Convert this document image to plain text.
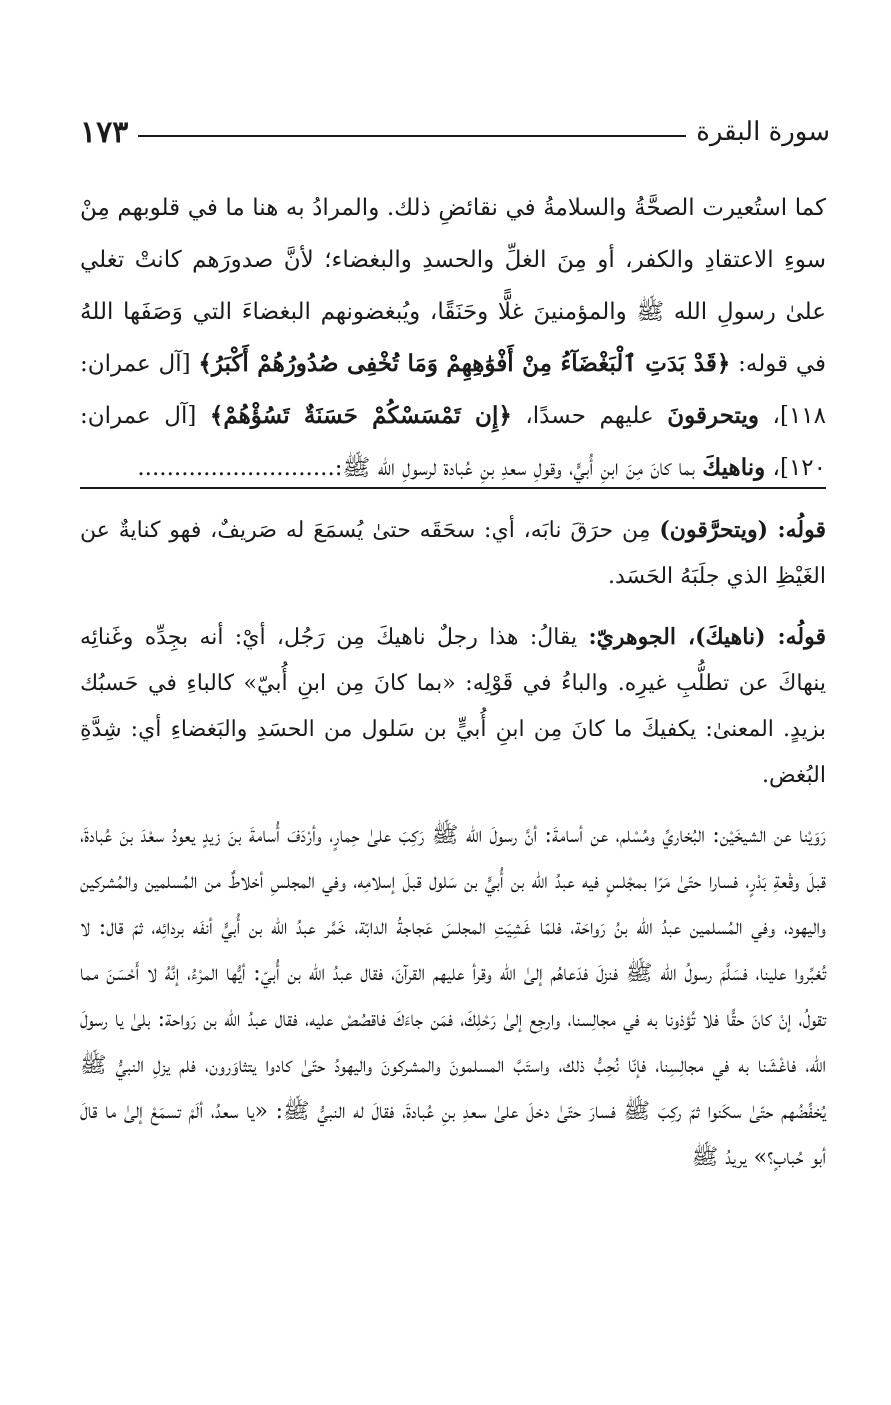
سورة البقرة
١٧٣

كما استُعيرت الصحَّةُ والسلامةُ في نقائضِ ذلك. والمرادُ به هنا ما في قلوبهم مِنْ سوءِ الاعتقادِ والكفر، أو مِنَ الغلِّ والحسدِ والبغضاء؛ لأنَّ صدورَهم كانتْ تغلي علىٰ رسولِ الله ﷺ والمؤمنينَ غلًّا وحَنَقًا، ويُبغضونهم البغضاءَ التي وَصَفَها اللهُ في قوله: ﴿قَدْ بَدَتِ ٱلْبَغْضَآءُ مِنْ أَفْوَٰهِهِمْ وَمَا تُخْفِى صُدُورُهُمْ أَكْبَرُ﴾ [آل عمران: ١١٨]، ويتحرقونَ عليهم حسدًا، ﴿إِن تَمْسَسْكُمْ حَسَنَةٌ تَسُؤْهُمْ﴾ [آل عمران: ١٢٠]، وناهيكَ بما كانَ مِنَ ابنِ أُبيٍّ، وقولِ سعدِ بنِ عُبادة لرسولِ الله ﷺ:...........................

قولُه: (ويتحرَّقون) مِن حرَقَ نابَه، أي: سحَقَه حتىٰ يُسمَعَ له صَريفٌ، فهو كنايةٌ عن الغَيْظِ الذي جلَبَهُ الحَسَد.

قولُه: (ناهيكَ)، الجوهريّ: يقالُ: هذا رجلٌ ناهيكَ مِن رَجُل، أيْ: أنه بجِدِّه وغَنائِه ينهاكَ عن تطلُّبِ غيرِه. والباءُ في قَوْلِه: «بما كانَ مِن ابنِ أُبيّ» كالباءِ في حَسبُك بزيدٍ. المعنىٰ: يكفيكَ ما كانَ مِن ابنِ أُبيٍّ بن سَلول من الحسَدِ والبَغضاءِ أي: شِدَّةِ البُغض.

رَوَيْنا عن الشيخَيْن: البُخاريِّ ومُسْلم، عن أسامةَ: أنَّ رسولَ الله ﷺ رَكِبَ علىٰ حِمارٍ، وأرْدَفَ أُسامةَ بنَ زيدٍ يعودُ سعْدَ بنَ عُبادةَ، قبلَ وقْعةِ بَدْرٍ، فسارا حتّىٰ مَرّا بمجْلسٍ فيه عبدُ الله بن أُبيٍّ بن سَلول قبلَ إسلامِه، وفي المجلسِ أخلاطٌ من المُسلمين والمُشركين واليهود، وفي المُسلمين عبدُ الله بنُ رَواحَة، فلمّا غَشِيَتِ المجلسَ عَجاجةُ الدابّة، خَمَّر عبدُ الله بن أُبيٍّ أنفَه بردائِه، ثمّ قال: لا تُغبِّروا علينا، فسَلَّمَ رسولُ الله ﷺ فنزلَ فدَعاهُم إلىٰ الله وقرأ عليهم القرآنَ، فقال عبدُ الله بن أُبيّ: أيُّها المرْءُ، إنَّهُ لا أَحْسَنَ مما تقولُ، إنْ كانَ حقًّا فلا تُؤذونا به في مجالِسنا، وارجِع إلىٰ رَحْلِكَ، فمَن جاءَكَ فاقصُصْ عليه، فقال عبدُ الله بن رَواحة: بلىٰ يا رسولَ الله، فاغْشَنا به في مجالِسِنا، فإنّا نُحِبُّ ذلك، واستَبَّ المسلمونَ والمشركونَ واليهودُ حتّىٰ كادوا يتثاوَرون، فلم يزلِ النبيُّ ﷺ يُخفِّضُهم حتّىٰ سكَنوا ثمّ ركِبَ ﷺ فسارَ حتّىٰ دخلَ علىٰ سعدِ بنِ عُبادةَ، فقالَ له النبيُّ ﷺ: «يا سعدُ، ألَمْ تسمَعْ إلىٰ ما قالَ أبو حُبابٍ؟» يريدُ ﷺ
